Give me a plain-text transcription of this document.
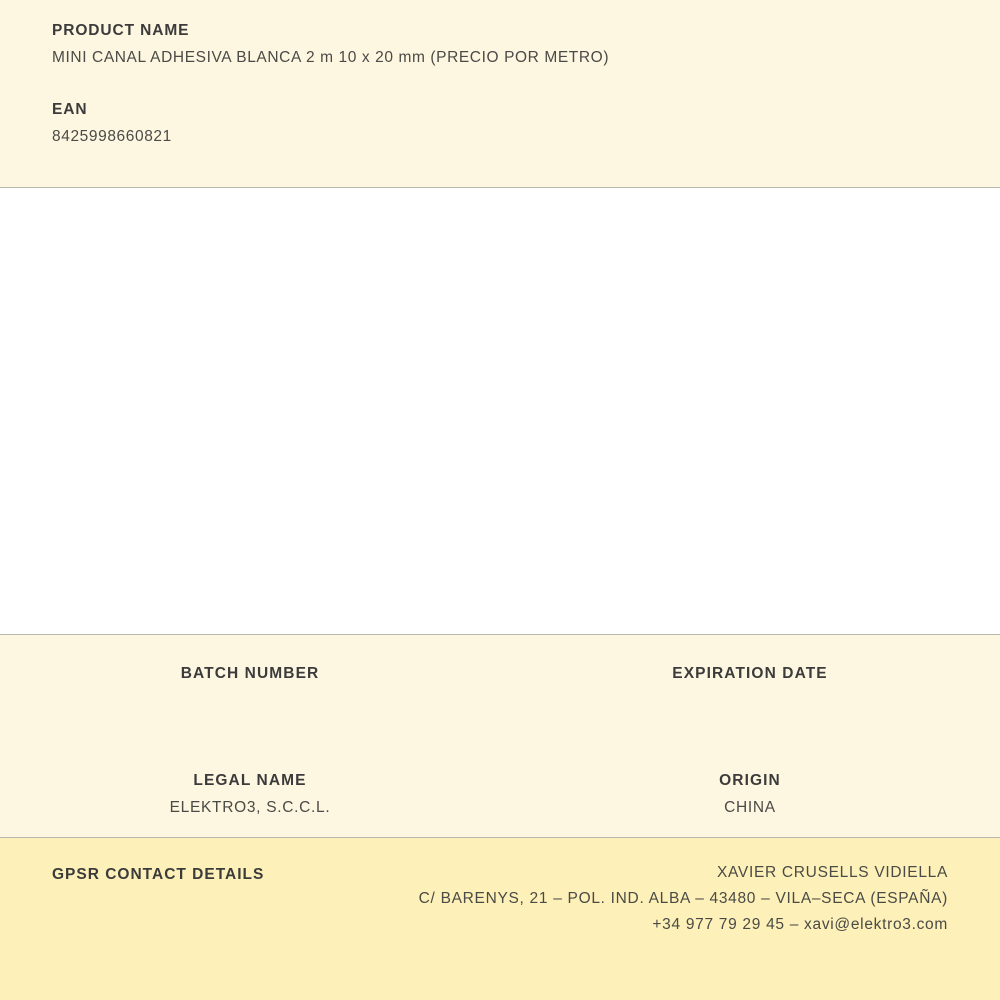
PRODUCT NAME

MINI CANAL ADHESIVA BLANCA 2 m 10 x 20 mm (PRECIO POR METRO)

EAN

8425998660821

BATCH NUMBER	EXPIRATION DATE

LEGAL NAME

ELEKTRO3, S.C.C.L.

ORIGIN

CHINA

GPSR CONTACT DETAILS	XAVIER CRUSELLS VIDIELLA

C/ BARENYS, 21 – POL. IND. ALBA – 43480 – VILA–SECA (ESPAÑA)

+34 977 79 29 45 – xavi@elektro3.com
